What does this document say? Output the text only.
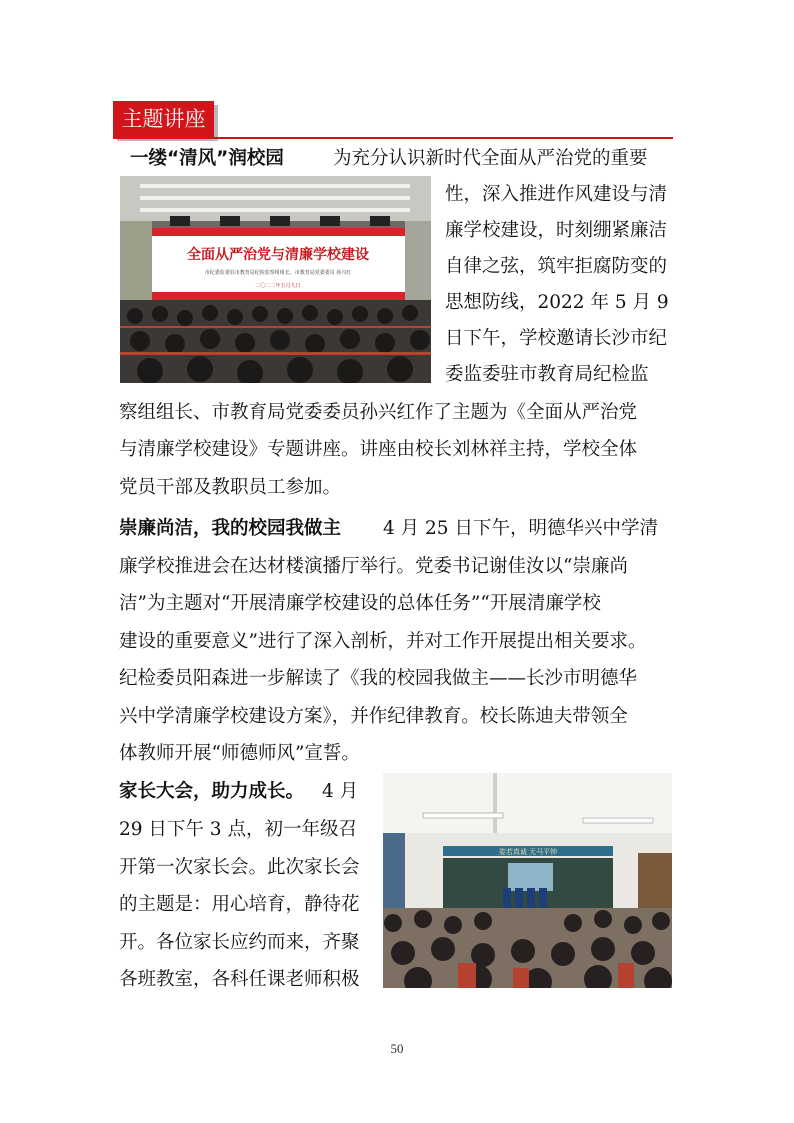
主题讲座
一缕“清风”润校园	为充分认识新时代全面从严治党的重要
性，深入推进作风建设与清
廉学校建设，时刻绷紧廉洁
自律之弦，筑牢拒腐防变的
思想防线，2022 年 5 月 9
日下午，学校邀请长沙市纪
委监委驻市教育局纪检监
察组组长、市教育局党委委员孙兴红作了主题为《全面从严治党
与清廉学校建设》专题讲座。讲座由校长刘林祥主持，学校全体
党员干部及教职员工参加。
全面从严治党与清廉学校建设
市纪委监委驻市教育局纪检监察组组长、市教育局党委委员 孙兴红
二〇二二年五月九日
崇廉尚洁，我的校园我做主 4 月 25 日下午，明德华兴中学清
廉学校推进会在达材楼演播厅举行。党委书记谢佳汝以“崇廉尚
洁”为主题对“开展清廉学校建设的总体任务”“开展清廉学校
建设的重要意义”进行了深入剖析，并对工作开展提出相关要求。
纪检委员阳森进一步解读了《我的校园我做主——长沙市明德华
兴中学清廉学校建设方案》，并作纪律教育。校长陈迪夫带领全
体教师开展“师德师风”宣誓。
家长大会，助力成长。 4 月
29 日下午 3 点，初一年级召
开第一次家长会。此次家长会
的主题是：用心培育，静待花
开。各位家长应约而来，齐聚
各班教室，各科任课老师积极
姿若真诚 无马平钟
50
